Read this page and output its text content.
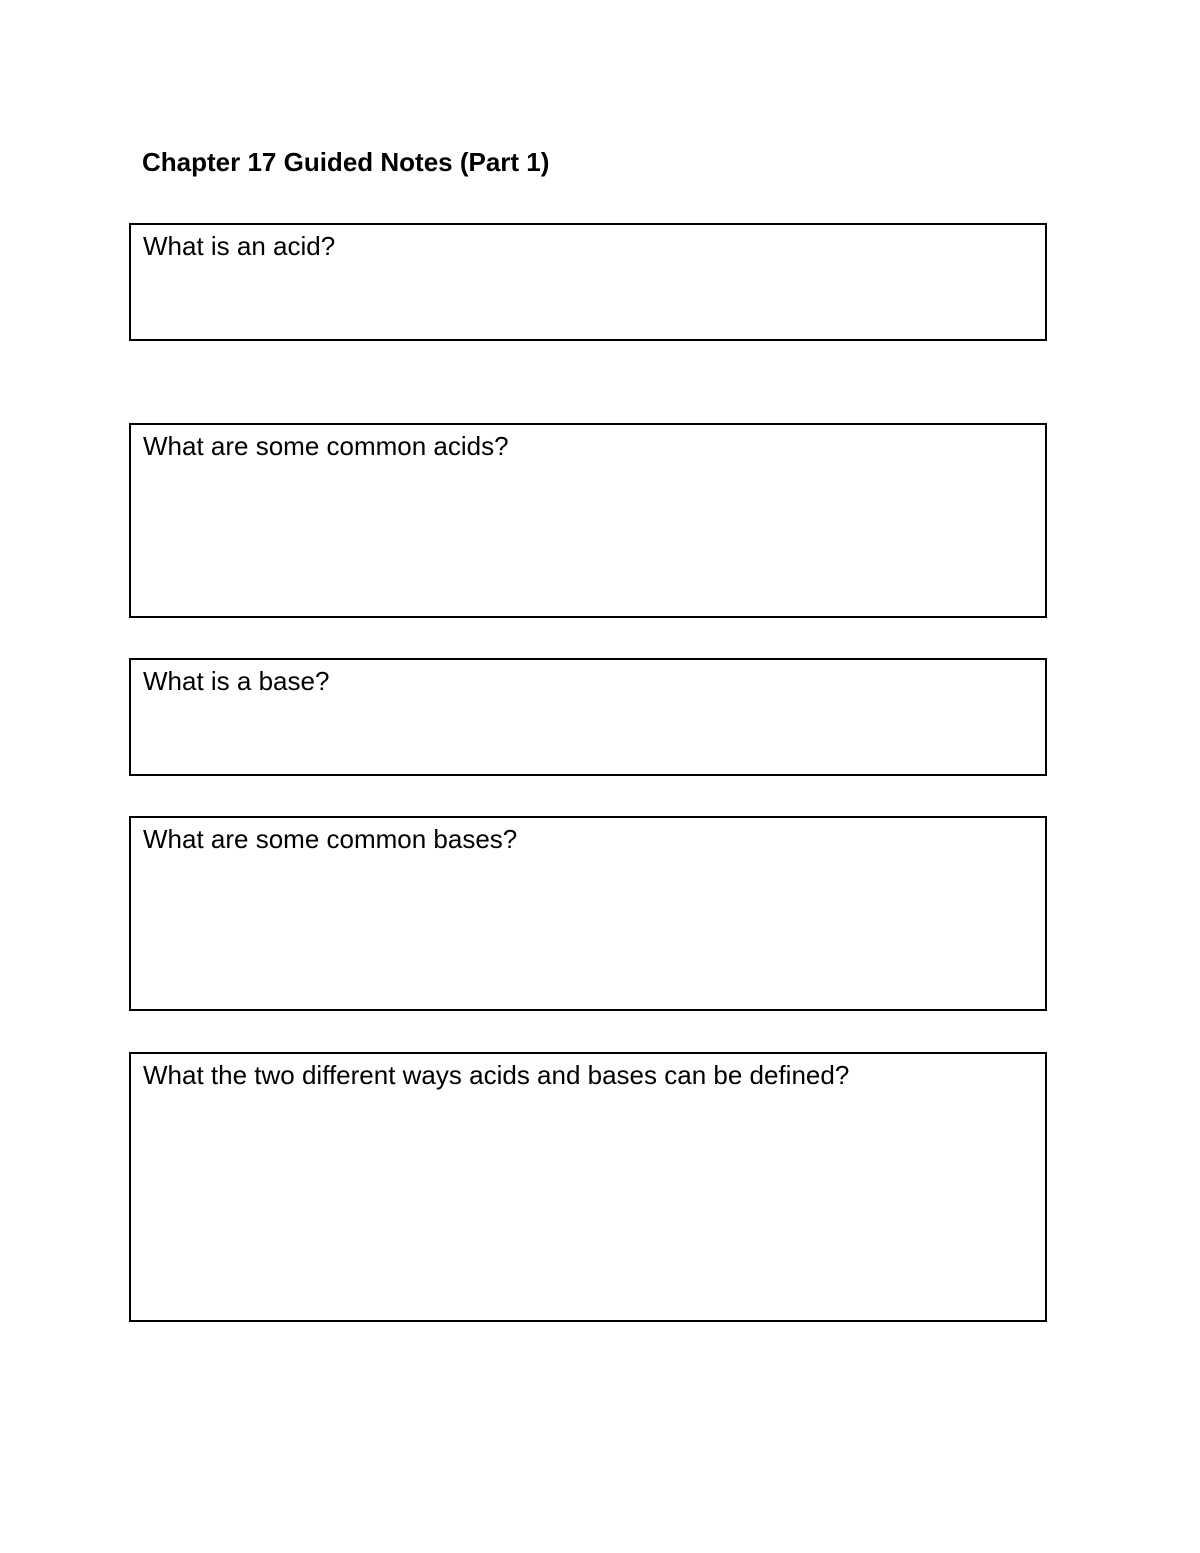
Chapter 17 Guided Notes (Part 1)
What is an acid?
What are some common acids?
What is a base?
What are some common bases?
What the two different ways acids and bases can be defined?
